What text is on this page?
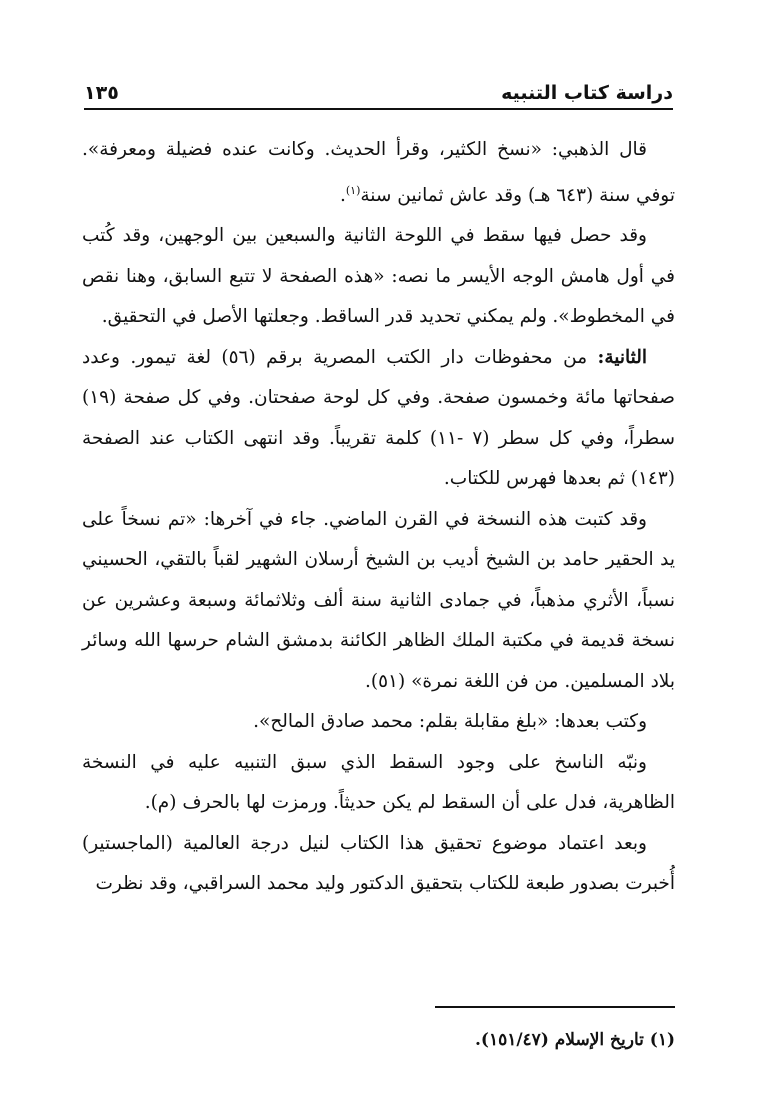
دراسة كتاب التنبيه
١٣٥

قال الذهبي: «نسخ الكثير، وقرأ الحديث. وكانت عنده فضيلة ومعرفة». توفي سنة (٦٤٣ هـ) وقد عاش ثمانين سنة$^{(١)}$.

وقد حصل فيها سقط في اللوحة الثانية والسبعين بين الوجهين، وقد كُتب في أول هامش الوجه الأيسر ما نصه: «هذه الصفحة لا تتبع السابق، وهنا نقص في المخطوط». ولم يمكني تحديد قدر الساقط. وجعلتها الأصل في التحقيق.

الثانية: من محفوظات دار الكتب المصرية برقم (٥٦) لغة تيمور. وعدد صفحاتها مائة وخمسون صفحة. وفي كل لوحة صفحتان. وفي كل صفحة (١٩) سطراً، وفي كل سطر (٧ -١١) كلمة تقريباً. وقد انتهى الكتاب عند الصفحة (١٤٣) ثم بعدها فهرس للكتاب.

وقد كتبت هذه النسخة في القرن الماضي. جاء في آخرها: «تم نسخاً على يد الحقير حامد بن الشيخ أديب بن الشيخ أرسلان الشهير لقباً بالتقي، الحسيني نسباً، الأثري مذهباً، في جمادى الثانية سنة ألف وثلاثمائة وسبعة وعشرين عن نسخة قديمة في مكتبة الملك الظاهر الكائنة بدمشق الشام حرسها الله وسائر بلاد المسلمين. من فن اللغة نمرة» (٥١).

وكتب بعدها: «بلغ مقابلة بقلم: محمد صادق المالح».

ونبّه الناسخ على وجود السقط الذي سبق التنبيه عليه في النسخة الظاهرية، فدل على أن السقط لم يكن حديثاً. ورمزت لها بالحرف (م).

وبعد اعتماد موضوع تحقيق هذا الكتاب لنيل درجة العالمية (الماجستير) أُخبرت بصدور طبعة للكتاب بتحقيق الدكتور وليد محمد السراقبي، وقد نظرت

(١) تاريخ الإسلام (١٥١/٤٧).
